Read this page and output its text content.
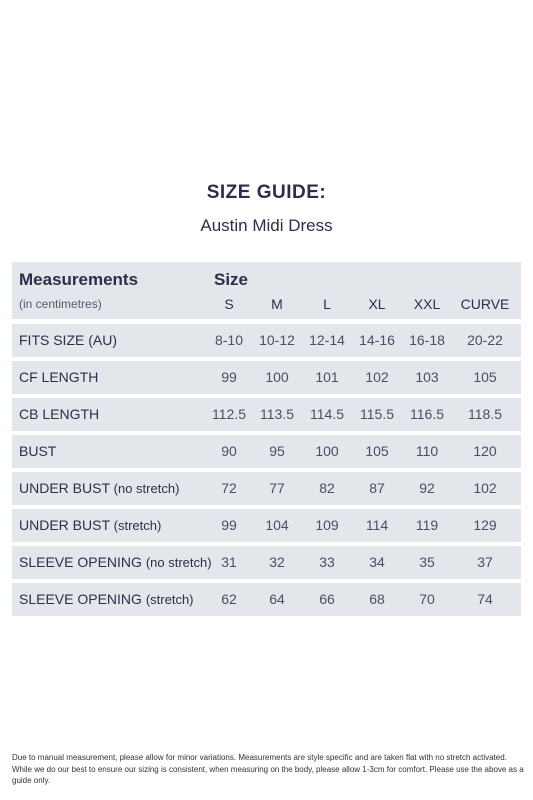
SIZE GUIDE:
Austin Midi Dress
Measurements
(in centimetres)
Size
S	M	L	XL	XXL	CURVE
FITS SIZE (AU)	8-10	10-12	12-14	14-16	16-18	20-22
CF LENGTH	99	100	101	102	103	105
CB LENGTH	112.5	113.5	114.5	115.5	116.5	118.5
BUST	90	95	100	105	110	120
UNDER BUST (no stretch)	72	77	82	87	92	102
UNDER BUST (stretch)	99	104	109	114	119	129
SLEEVE OPENING (no stretch) 31	32	33	34	35	37
SLEEVE OPENING (stretch)	62	64	66	68	70	74
Due to manual measurement, please allow for minor variations. Measurements are style specific and are taken flat with no stretch activated. While we do our best to ensure our sizing is consistent, when measuring on the body, please allow 1-3cm for comfort. Please use the above as a guide only.
